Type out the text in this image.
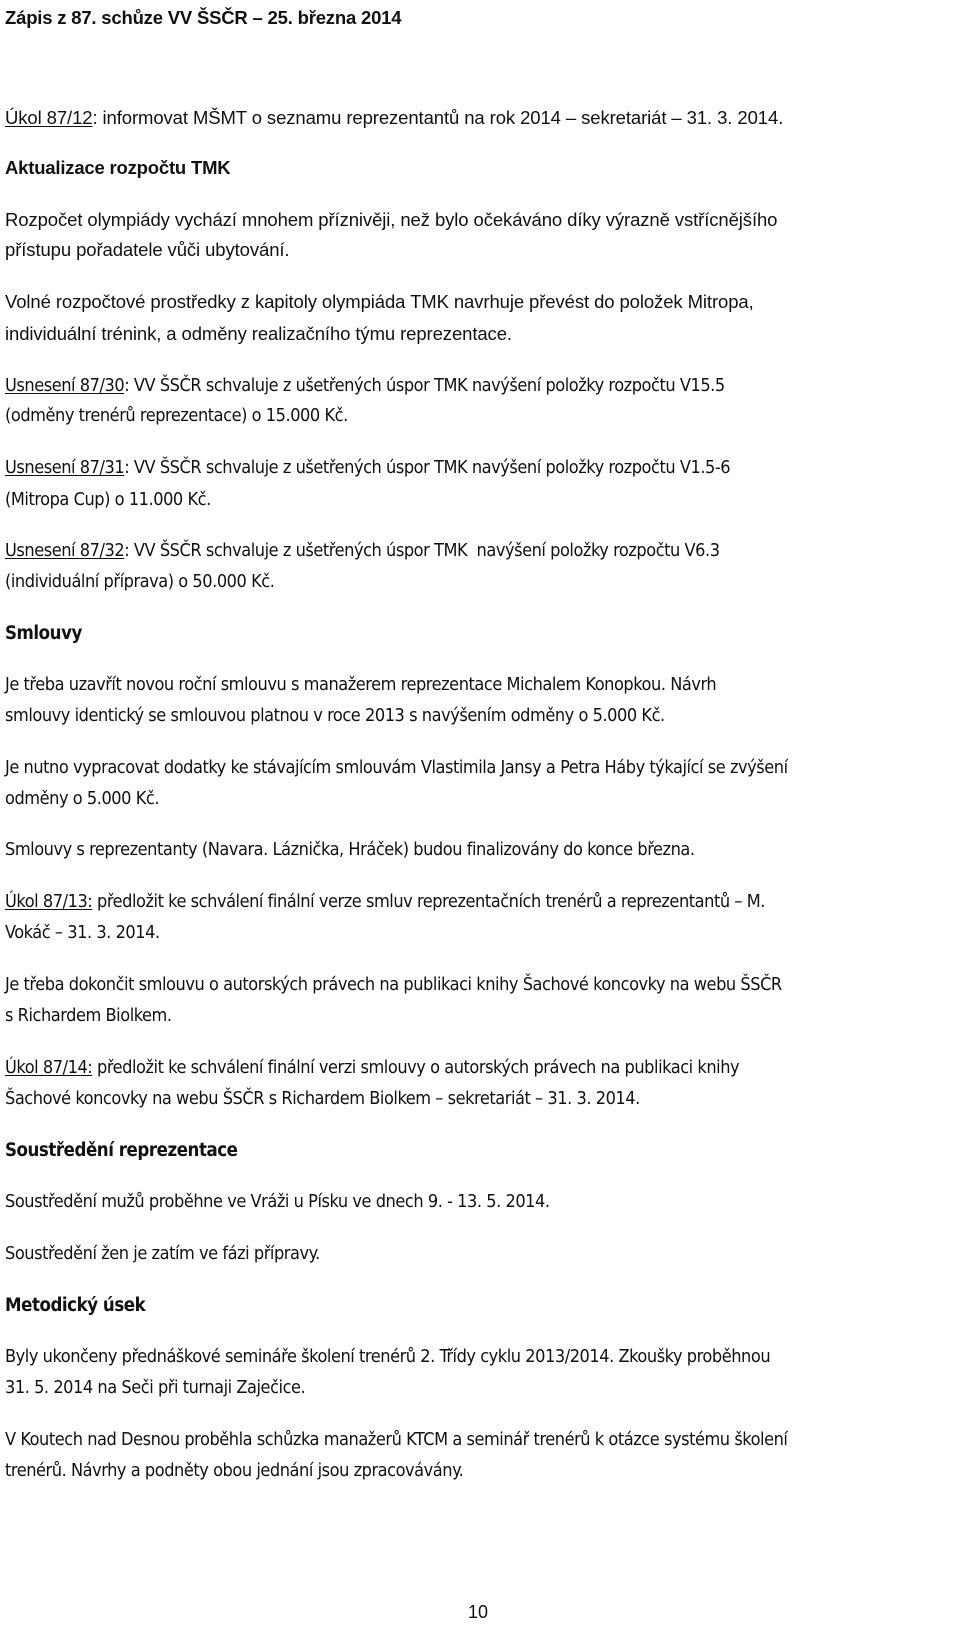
Zápis z 87. schůze VV ŠSČR – 25. března 2014
Úkol 87/12: informovat MŠMT o seznamu reprezentantů na rok 2014 – sekretariát – 31. 3. 2014.
Aktualizace rozpočtu TMK
Rozpočet olympiády vychází mnohem příznivěji, než bylo očekáváno díky výrazně vstřícnějšího
přístupu pořadatele vůči ubytování.
Volné rozpočtové prostředky z kapitoly olympiáda TMK navrhuje převést do položek Mitropa,
individuální trénink, a odměny realizačního týmu reprezentace.
Usnesení 87/30: VV ŠSČR schvaluje z ušetřených úspor TMK navýšení položky rozpočtu V15.5
(odměny trenérů reprezentace) o 15.000 Kč.
Usnesení 87/31: VV ŠSČR schvaluje z ušetřených úspor TMK navýšení položky rozpočtu V1.5-6
(Mitropa Cup) o 11.000 Kč.
Usnesení 87/32: VV ŠSČR schvaluje z ušetřených úspor TMK  navýšení položky rozpočtu V6.3
(individuální příprava) o 50.000 Kč.
Smlouvy
Je třeba uzavřít novou roční smlouvu s manažerem reprezentace Michalem Konopkou. Návrh
smlouvy identický se smlouvou platnou v roce 2013 s navýšením odměny o 5.000 Kč.
Je nutno vypracovat dodatky ke stávajícím smlouvám Vlastimila Jansy a Petra Háby týkající se zvýšení
odměny o 5.000 Kč.
Smlouvy s reprezentanty (Navara. Láznička, Hráček) budou finalizovány do konce března.
Úkol 87/13: předložit ke schválení finální verze smluv reprezentačních trenérů a reprezentantů – M.
Vokáč – 31. 3. 2014.
Je třeba dokončit smlouvu o autorských právech na publikaci knihy Šachové koncovky na webu ŠSČR
s Richardem Biolkem.
Úkol 87/14: předložit ke schválení finální verzi smlouvy o autorských právech na publikaci knihy
Šachové koncovky na webu ŠSČR s Richardem Biolkem – sekretariát – 31. 3. 2014.
Soustředění reprezentace
Soustředění mužů proběhne ve Vráži u Písku ve dnech 9. - 13. 5. 2014.
Soustředění žen je zatím ve fázi přípravy.
Metodický úsek
Byly ukončeny přednáškové semináře školení trenérů 2. Třídy cyklu 2013/2014. Zkoušky proběhnou
31. 5. 2014 na Seči při turnaji Zaječice.
V Koutech nad Desnou proběhla schůzka manažerů KTCM a seminář trenérů k otázce systému školení
trenérů. Návrhy a podněty obou jednání jsou zpracovávány.
10
